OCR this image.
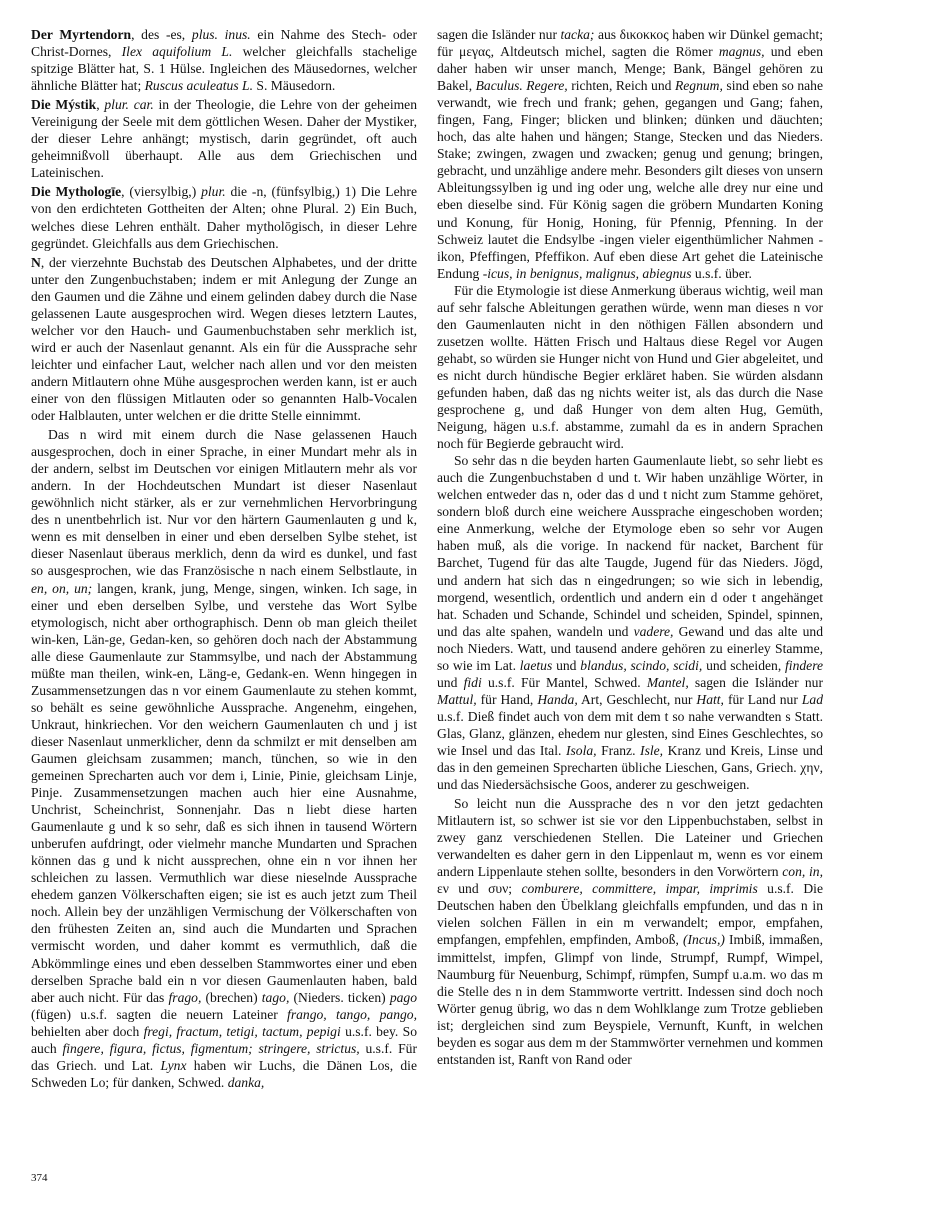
Der Myrtendorn, des -es, plus. inus. ein Nahme des Stech- oder Christ-Dornes, Ilex aquifolium L. welcher gleichfalls stachelige spitzige Blätter hat, S. 1 Hülse. Ingleichen des Mäusedornes, welcher ähnliche Blätter hat; Ruscus aculeatus L. S. Mäusedorn.

Die Mýstik, plur. car. in der Theologie, die Lehre von der geheimen Vereinigung der Seele mit dem göttlichen Wesen. Daher der Mystiker, der dieser Lehre anhängt; mystisch, darin gegründet, oft auch geheimnißvoll überhaupt. Alle aus dem Griechischen und Lateinischen.

Die Mythologīe, (viersylbig,) plur. die -n, (fünfsylbig,) 1) Die Lehre von den erdichteten Gottheiten der Alten; ohne Plural. 2) Ein Buch, welches diese Lehren enthält. Daher mytholōgisch, in dieser Lehre gegründet. Gleichfalls aus dem Griechischen.

N, der vierzehnte Buchstab des Deutschen Alphabetes, und der dritte unter den Zungenbuchstaben; indem er mit Anlegung der Zunge an den Gaumen und die Zähne und einem gelinden dabey durch die Nase gelassenen Laute ausgesprochen wird. Wegen dieses letztern Lautes, welcher vor den Hauch- und Gaumenbuchstaben sehr merklich ist, wird er auch der Nasenlaut genannt. Als ein für die Aussprache sehr leichter und einfacher Laut, welcher nach allen und vor den meisten andern Mitlautern ohne Mühe ausgesprochen werden kann, ist er auch einer von den flüssigen Mitlauten oder so genannten Halb-Vocalen oder Halblauten, unter welchen er die dritte Stelle einnimmt.

Das n wird mit einem durch die Nase gelassenen Hauch ausgesprochen, doch in einer Sprache, in einer Mundart mehr als in der andern, selbst im Deutschen vor einigen Mitlautern mehr als vor andern. In der Hochdeutschen Mundart ist dieser Nasenlaut gewöhnlich nicht stärker, als er zur vernehmlichen Hervorbringung des n unentbehrlich ist. Nur vor den härtern Gaumenlauten g und k, wenn es mit denselben in einer und eben derselben Sylbe stehet, ist dieser Nasenlaut überaus merklich, denn da wird es dunkel, und fast so ausgesprochen, wie das Französische n nach einem Selbstlaute, in en, on, un; langen, krank, jung, Menge, singen, winken. Ich sage, in einer und eben derselben Sylbe, und verstehe das Wort Sylbe etymologisch, nicht aber orthographisch. Denn ob man gleich theilet win-ken, Län-ge, Gedan-ken, so gehören doch nach der Abstammung alle diese Gaumenlaute zur Stammsylbe, und nach der Abstammung müßte man theilen, wink-en, Läng-e, Gedank-en. Wenn hingegen in Zusammensetzungen das n vor einem Gaumenlaute zu stehen kommt, so behält es seine gewöhnliche Aussprache. Angenehm, eingehen, Unkraut, hinkriechen. Vor den weichern Gaumenlauten ch und j ist dieser Nasenlaut unmerklicher, denn da schmilzt er mit denselben am Gaumen gleichsam zusammen; manch, tünchen, so wie in den gemeinen Sprecharten auch vor dem i, Linie, Pinie, gleichsam Linje, Pinje. Zusammensetzungen machen auch hier eine Ausnahme, Unchrist, Scheinchrist, Sonnenjahr. Das n liebt diese harten Gaumenlaute g und k so sehr, daß es sich ihnen in tausend Wörtern unberufen aufdringt, oder vielmehr manche Mundarten und Sprachen können das g und k nicht aussprechen, ohne ein n vor ihnen her schleichen zu lassen. Vermuthlich war diese nieselnde Aussprache ehedem ganzen Völkerschaften eigen; sie ist es auch jetzt zum Theil noch. Allein bey der unzähligen Vermischung der Völkerschaften von den frühesten Zeiten an, sind auch die Mundarten und Sprachen vermischt worden, und daher kommt es vermuthlich, daß die Abkömmlinge eines und eben desselben Stammwortes einer und eben derselben Sprache bald ein n vor diesen Gaumenlauten haben, bald aber auch nicht. Für das frago, (brechen) tago, (Nieders. ticken) pago (fügen) u.s.f. sagten die neuern Lateiner frango, tango, pango, behielten aber doch fregi, fractum, tetigi, tactum, pepigi u.s.f. bey. So auch fingere, figura, fictus, figmentum; stringere, strictus, u.s.f. Für das Griech. und Lat. Lynx haben wir Luchs, die Dänen Los, die Schweden Lo; für danken, Schwed. danka,

sagen die Isländer nur tacka; aus δικοκκος haben wir Dünkel gemacht; für μεγας, Altdeutsch michel, sagten die Römer magnus, und eben daher haben wir unser manch, Menge; Bank, Bängel gehören zu Bakel, Baculus. Regere, richten, Reich und Regnum, sind eben so nahe verwandt, wie frech und frank; gehen, gegangen und Gang; fahen, fingen, Fang, Finger; blicken und blinken; dünken und däuchten; hoch, das alte hahen und hängen; Stange, Stecken und das Nieders. Stake; zwingen, zwagen und zwacken; genug und genung; bringen, gebracht, und unzählige andere mehr. Besonders gilt dieses von unsern Ableitungssylben ig und ing oder ung, welche alle drey nur eine und eben dieselbe sind. Für König sagen die gröbern Mundarten Koning und Konung, für Honig, Honing, für Pfennig, Pfenning. In der Schweiz lautet die Endsylbe -ingen vieler eigenthümlicher Nahmen -ikon, Pfeffingen, Pfeffikon. Auf eben diese Art gehet die Lateinische Endung -icus, in benignus, malignus, abiegnus u.s.f. über.

Für die Etymologie ist diese Anmerkung überaus wichtig, weil man auf sehr falsche Ableitungen gerathen würde, wenn man dieses n vor den Gaumenlauten nicht in den nöthigen Fällen absondern und zusetzen wollte. Hätten Frisch und Haltaus diese Regel vor Augen gehabt, so würden sie Hunger nicht von Hund und Gier abgeleitet, und es nicht durch hündische Begier erkläret haben. Sie würden alsdann gefunden haben, daß das ng nichts weiter ist, als das durch die Nase gesprochene g, und daß Hunger von dem alten Hug, Gemüth, Neigung, hägen u.s.f. abstamme, zumahl da es in andern Sprachen noch für Begierde gebraucht wird.

So sehr das n die beyden harten Gaumenlaute liebt, so sehr liebt es auch die Zungenbuchstaben d und t. Wir haben unzählige Wörter, in welchen entweder das n, oder das d und t nicht zum Stamme gehöret, sondern bloß durch eine weichere Aussprache eingeschoben worden; eine Anmerkung, welche der Etymologe eben so sehr vor Augen haben muß, als die vorige. In nackend für nacket, Barchent für Barchet, Tugend für das alte Taugde, Jugend für das Nieders. Jögd, und andern hat sich das n eingedrungen; so wie sich in lebendig, morgend, wesentlich, ordentlich und andern ein d oder t angehänget hat. Schaden und Schande, Schindel und scheiden, Spindel, spinnen, und das alte spahen, wandeln und vadere, Gewand und das alte und noch Nieders. Watt, und tausend andere gehören zu einerley Stamme, so wie im Lat. laetus und blandus, scindo, scidi, und scheiden, findere und fidi u.s.f. Für Mantel, Schwed. Mantel, sagen die Isländer nur Mattul, für Hand, Handa, Art, Geschlecht, nur Hatt, für Land nur Lad u.s.f. Dieß findet auch von dem mit dem t so nahe verwandten s Statt. Glas, Glanz, glänzen, ehedem nur glesten, sind Eines Geschlechtes, so wie Insel und das Ital. Isola, Franz. Isle, Kranz und Kreis, Linse und das in den gemeinen Sprecharten übliche Lieschen, Gans, Griech. χην, und das Niedersächsische Goos, anderer zu geschweigen.

So leicht nun die Aussprache des n vor den jetzt gedachten Mitlautern ist, so schwer ist sie vor den Lippenbuchstaben, selbst in zwey ganz verschiedenen Stellen. Die Lateiner und Griechen verwandelten es daher gern in den Lippenlaut m, wenn es vor einem andern Lippenlaute stehen sollte, besonders in den Vorwörtern con, in, εν und συν; comburere, committere, impar, imprimis u.s.f. Die Deutschen haben den Übelklang gleichfalls empfunden, und das n in vielen solchen Fällen in ein m verwandelt; empor, empfahen, empfangen, empfehlen, empfinden, Amboß, (Incus,) Imbiß, immaßen, immittelst, impfen, Glimpf von linde, Strumpf, Rumpf, Wimpel, Naumburg für Neuenburg, Schimpf, rümpfen, Sumpf u.a.m. wo das m die Stelle des n in dem Stammworte vertritt. Indessen sind doch noch Wörter genug übrig, wo das n dem Wohlklange zum Trotze geblieben ist; dergleichen sind zum Beyspiele, Vernunft, Kunft, in welchen beyden es sogar aus dem m der Stammwörter vernehmen und kommen entstanden ist, Ranft von Rand oder

374
